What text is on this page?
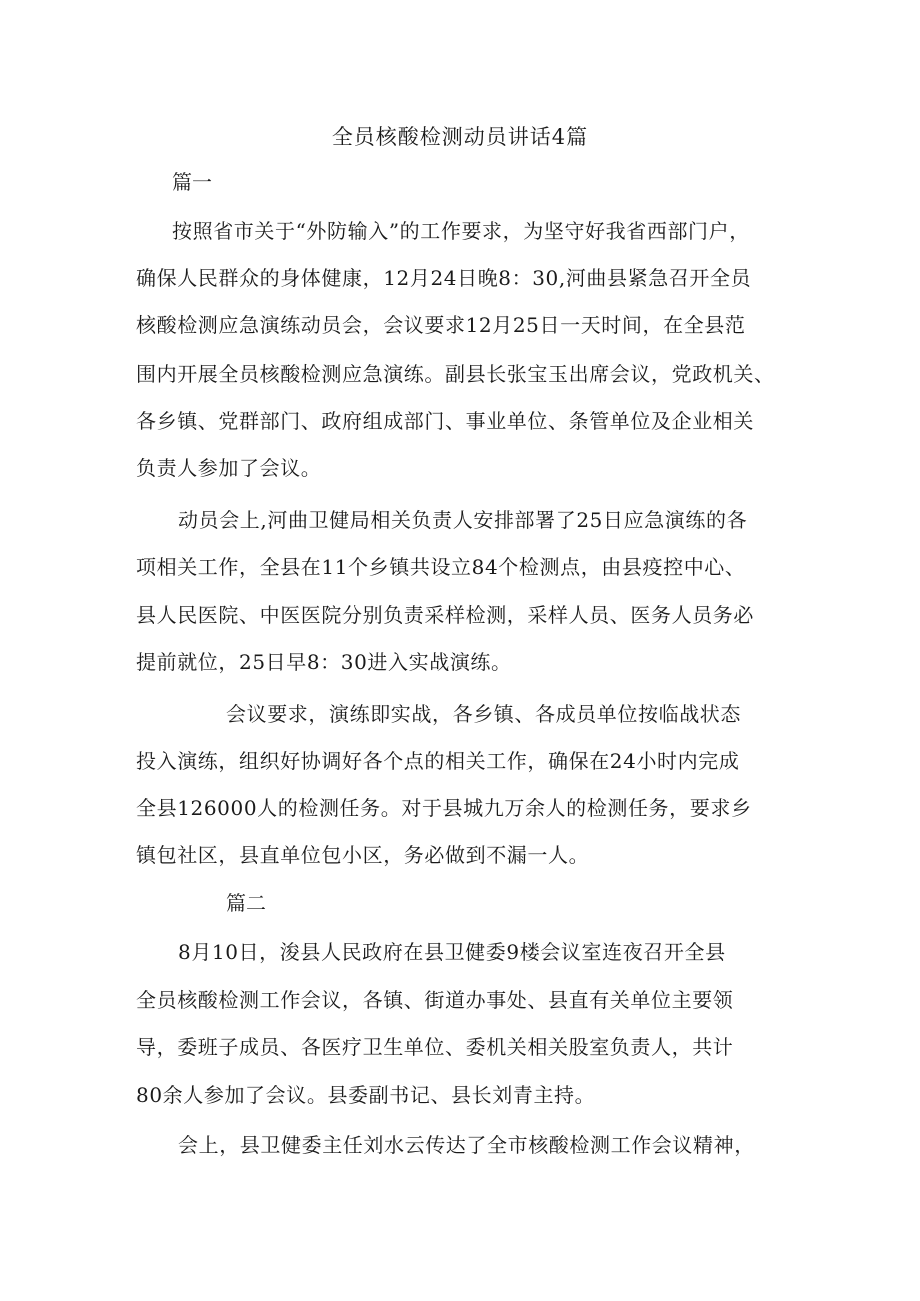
全员核酸检测动员讲话4篇
篇一
按照省市关于“外防输入”的工作要求，为坚守好我省西部门户，
确保人民群众的身体健康，12月24日晚8：30,河曲县紧急召开全员
核酸检测应急演练动员会，会议要求12月25日一天时间，在全县范
围内开展全员核酸检测应急演练。副县长张宝玉出席会议，党政机关、
各乡镇、党群部门、政府组成部门、事业单位、条管单位及企业相关
负责人参加了会议。
动员会上,河曲卫健局相关负责人安排部署了25日应急演练的各
项相关工作，全县在11个乡镇共设立84个检测点，由县疫控中心、
县人民医院、中医医院分别负责采样检测，采样人员、医务人员务必
提前就位，25日早8：30进入实战演练。
会议要求，演练即实战，各乡镇、各成员单位按临战状态
投入演练，组织好协调好各个点的相关工作，确保在24小时内完成
全县126000人的检测任务。对于县城九万余人的检测任务，要求乡
镇包社区，县直单位包小区，务必做到不漏一人。
篇二
8月10日，浚县人民政府在县卫健委9楼会议室连夜召开全县
全员核酸检测工作会议，各镇、街道办事处、县直有关单位主要领
导，委班子成员、各医疗卫生单位、委机关相关股室负责人，共计
80余人参加了会议。县委副书记、县长刘青主持。
会上，县卫健委主任刘水云传达了全市核酸检测工作会议精神，
